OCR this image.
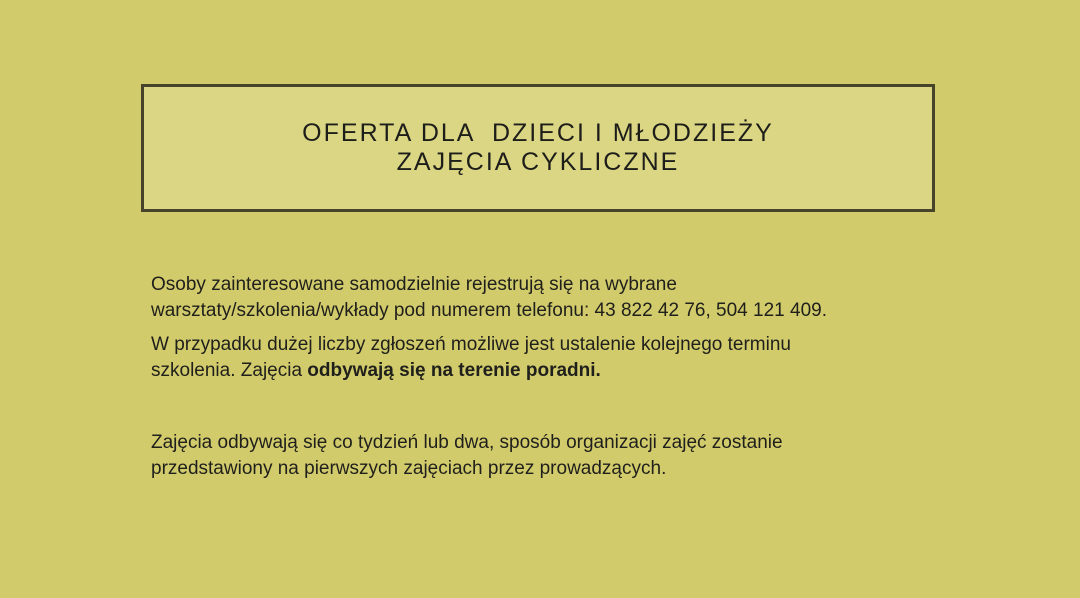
OFERTA DLA  DZIECI I MŁODZIEŻY
ZAJĘCIA CYKLICZNE

Osoby zainteresowane samodzielnie rejestrują się na wybrane
warsztaty/szkolenia/wykłady pod numerem telefonu: 43 822 42 76, 504 121 409.

W przypadku dużej liczby zgłoszeń możliwe jest ustalenie kolejnego terminu
szkolenia. Zajęcia odbywają się na terenie poradni.

Zajęcia odbywają się co tydzień lub dwa, sposób organizacji zajęć zostanie
przedstawiony na pierwszych zajęciach przez prowadzących.
